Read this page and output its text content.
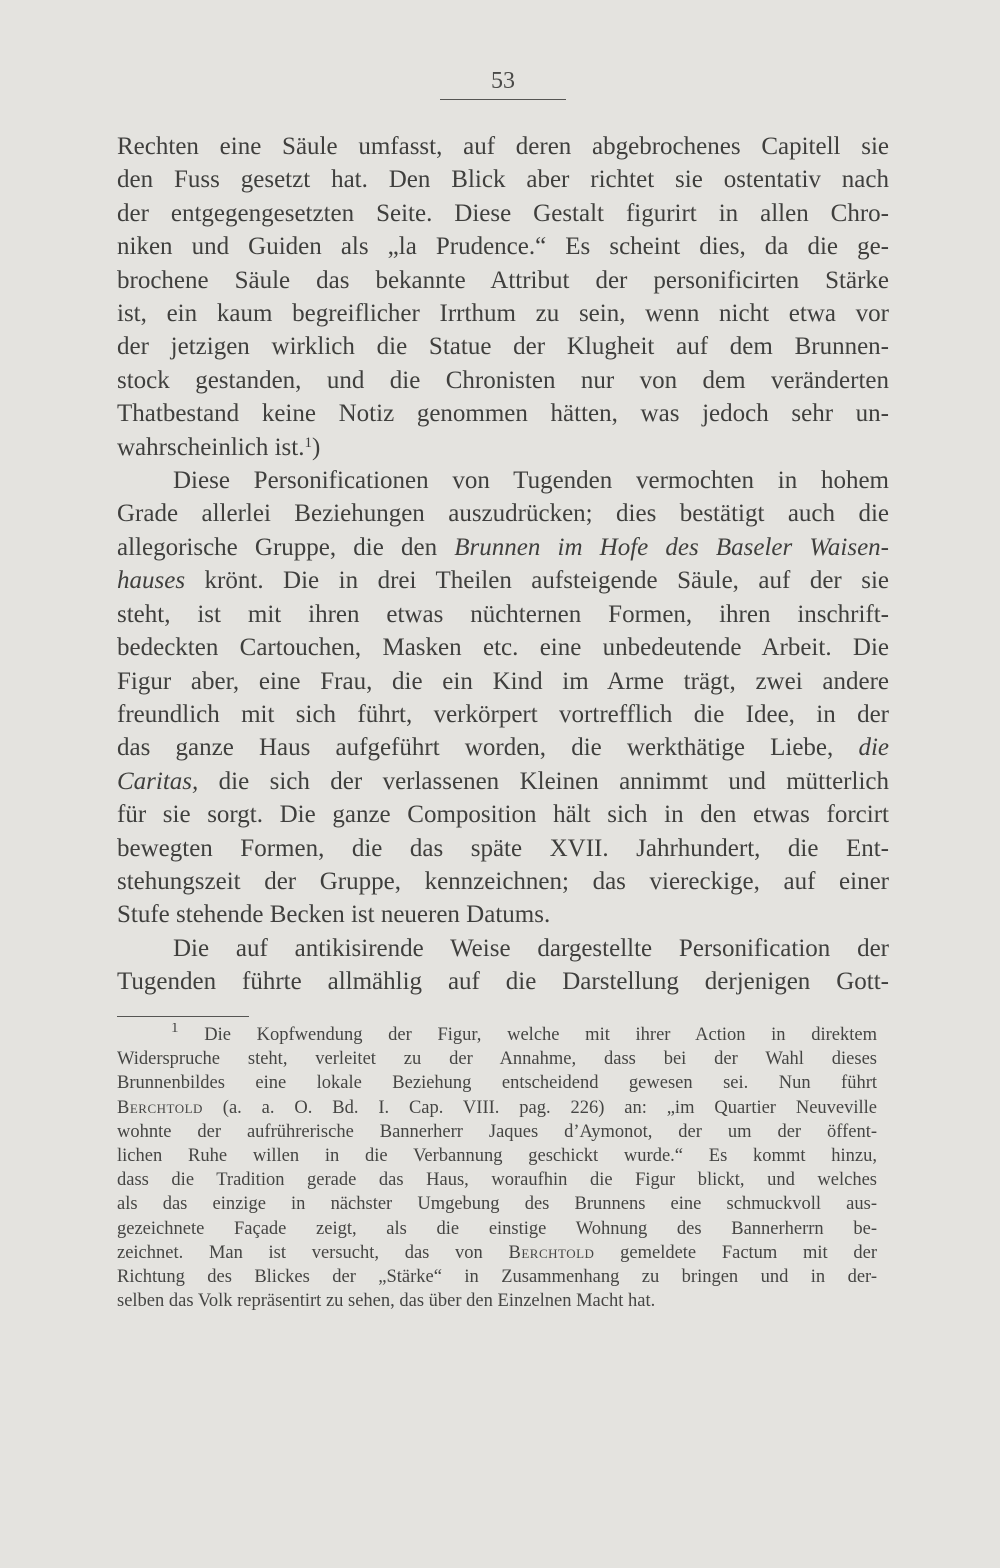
53

Rechten eine Säule umfasst, auf deren abgebrochenes Capitell sie
den Fuss gesetzt hat. Den Blick aber richtet sie ostentativ nach
der entgegengesetzten Seite. Diese Gestalt figurirt in allen Chro-
niken und Guiden als „la Prudence.“ Es scheint dies, da die ge-
brochene Säule das bekannte Attribut der personificirten Stärke
ist, ein kaum begreiflicher Irrthum zu sein, wenn nicht etwa vor
der jetzigen wirklich die Statue der Klugheit auf dem Brunnen-
stock gestanden, und die Chronisten nur von dem veränderten
Thatbestand keine Notiz genommen hätten, was jedoch sehr un-
wahrscheinlich ist.$^1$)

Diese Personificationen von Tugenden vermochten in hohem
Grade allerlei Beziehungen auszudrücken; dies bestätigt auch die
allegorische Gruppe, die den Brunnen im Hofe des Baseler Waisen-
hauses krönt. Die in drei Theilen aufsteigende Säule, auf der sie
steht, ist mit ihren etwas nüchternen Formen, ihren inschrift-
bedeckten Cartouchen, Masken etc. eine unbedeutende Arbeit. Die
Figur aber, eine Frau, die ein Kind im Arme trägt, zwei andere
freundlich mit sich führt, verkörpert vortrefflich die Idee, in der
das ganze Haus aufgeführt worden, die werkthätige Liebe, die
Caritas, die sich der verlassenen Kleinen annimmt und mütterlich
für sie sorgt. Die ganze Composition hält sich in den etwas forcirt
bewegten Formen, die das späte XVII. Jahrhundert, die Ent-
stehungszeit der Gruppe, kennzeichnen; das viereckige, auf einer
Stufe stehende Becken ist neueren Datums.

Die auf antikisirende Weise dargestellte Personification der
Tugenden führte allmählig auf die Darstellung derjenigen Gott-

$^1$ Die Kopfwendung der Figur, welche mit ihrer Action in direktem
Widerspruche steht, verleitet zu der Annahme, dass bei der Wahl dieses
Brunnenbildes eine lokale Beziehung entscheidend gewesen sei. Nun führt
Berchtold (a. a. O. Bd. I. Cap. VIII. pag. 226) an: „im Quartier Neuveville
wohnte der aufrührerische Bannerherr Jaques d’Aymonot, der um der öffent-
lichen Ruhe willen in die Verbannung geschickt wurde.“ Es kommt hinzu,
dass die Tradition gerade das Haus, woraufhin die Figur blickt, und welches
als das einzige in nächster Umgebung des Brunnens eine schmuckvoll aus-
gezeichnete Façade zeigt, als die einstige Wohnung des Bannerherrn be-
zeichnet. Man ist versucht, das von Berchtold gemeldete Factum mit der
Richtung des Blickes der „Stärke“ in Zusammenhang zu bringen und in der-
selben das Volk repräsentirt zu sehen, das über den Einzelnen Macht hat.
